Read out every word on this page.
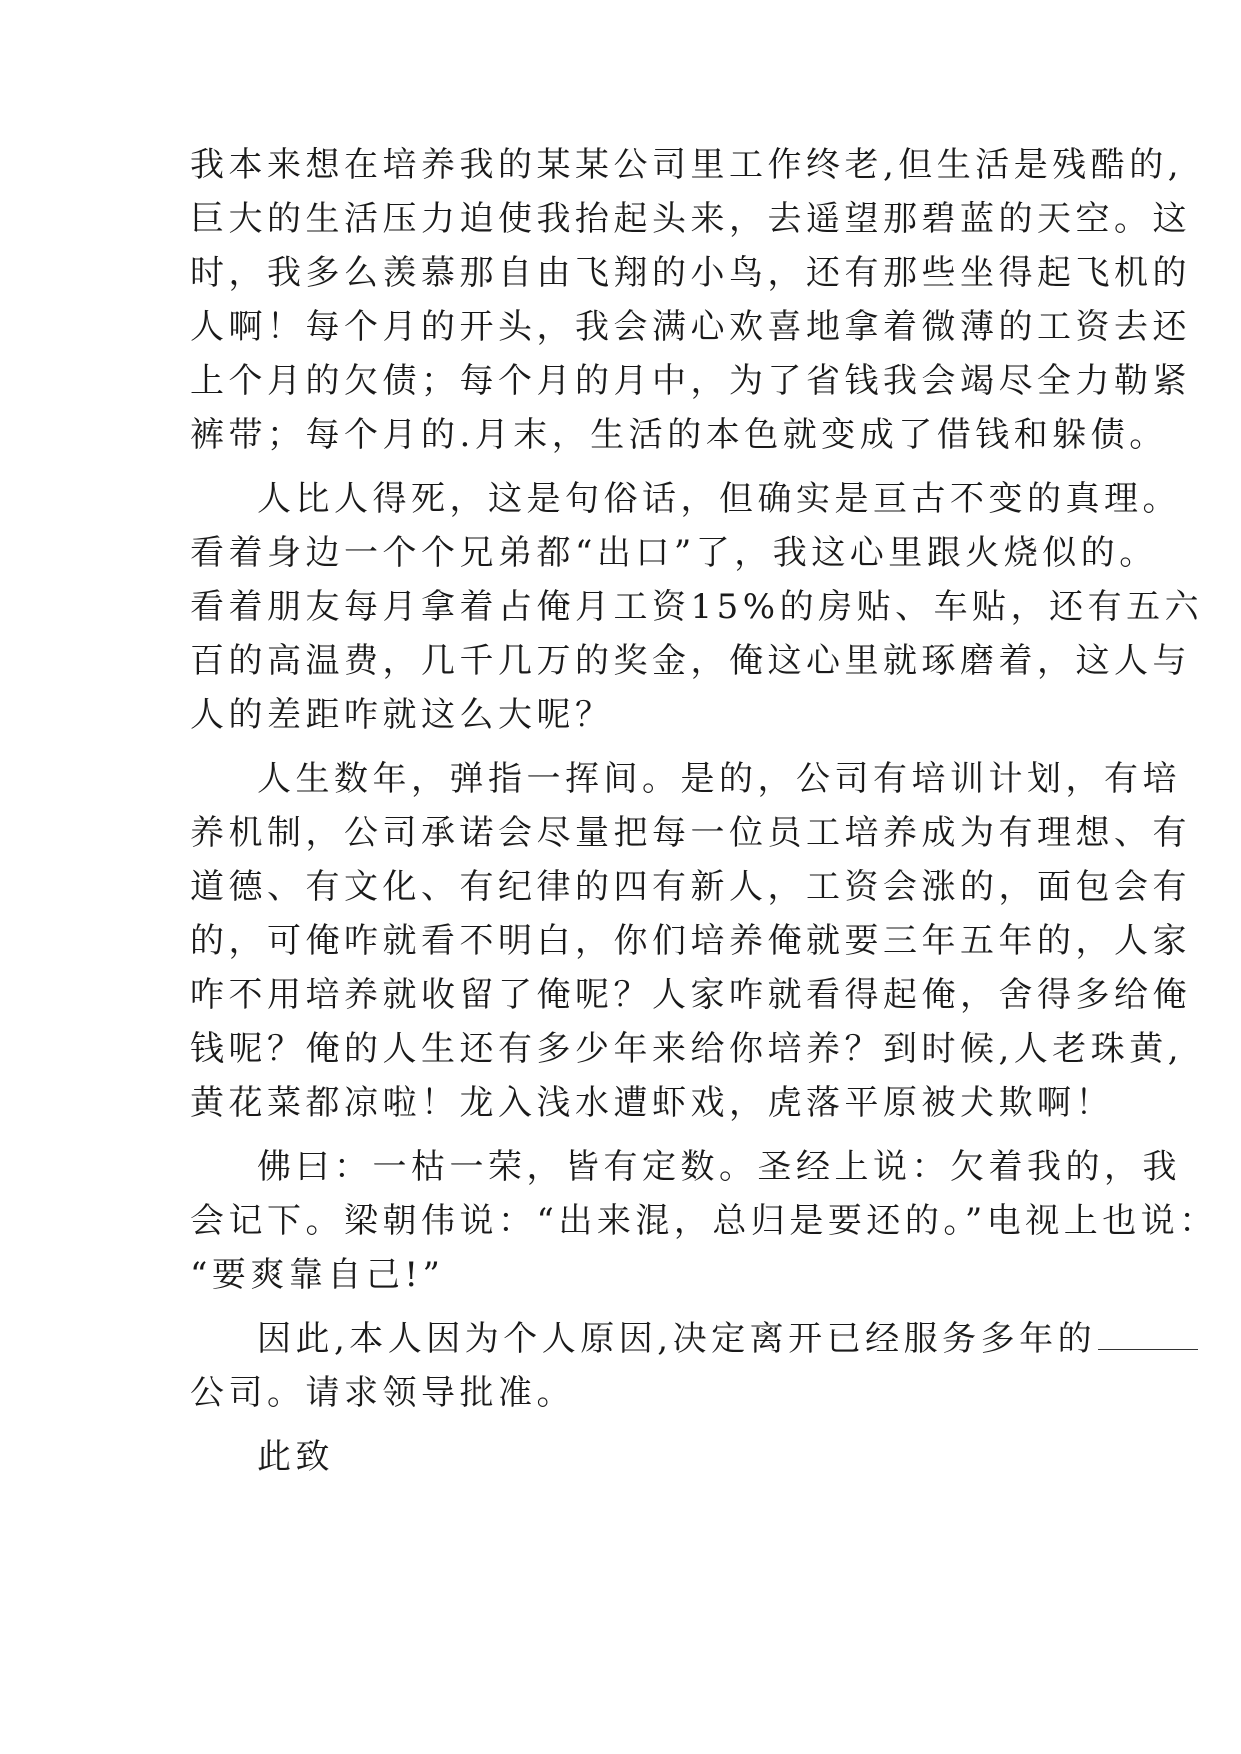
我本来想在培养我的某某公司里工作终老,但生活是残酷的,
巨大的生活压力迫使我抬起头来，去遥望那碧蓝的天空。这
时，我多么羡慕那自由飞翔的小鸟，还有那些坐得起飞机的
人啊！每个月的开头，我会满心欢喜地拿着微薄的工资去还
上个月的欠债；每个月的月中，为了省钱我会竭尽全力勒紧
裤带；每个月的.月末，生活的本色就变成了借钱和躲债。
人比人得死，这是句俗话，但确实是亘古不变的真理。
看着身边一个个兄弟都“出口”了，我这心里跟火烧似的。
看着朋友每月拿着占俺月工资15%的房贴、车贴，还有五六
百的高温费，几千几万的奖金，俺这心里就琢磨着，这人与
人的差距咋就这么大呢？
人生数年，弹指一挥间。是的，公司有培训计划，有培
养机制，公司承诺会尽量把每一位员工培养成为有理想、有
道德、有文化、有纪律的四有新人，工资会涨的，面包会有
的，可俺咋就看不明白，你们培养俺就要三年五年的，人家
咋不用培养就收留了俺呢？人家咋就看得起俺，舍得多给俺
钱呢？俺的人生还有多少年来给你培养？到时候,人老珠黄,
黄花菜都凉啦！龙入浅水遭虾戏，虎落平原被犬欺啊！
佛曰：一枯一荣，皆有定数。圣经上说：欠着我的，我
会记下。梁朝伟说：“出来混，总归是要还的。”电视上也说：
“要爽靠自己!”
因此,本人因为个人原因,决定离开已经服务多年的
公司。请求领导批准。
此致
